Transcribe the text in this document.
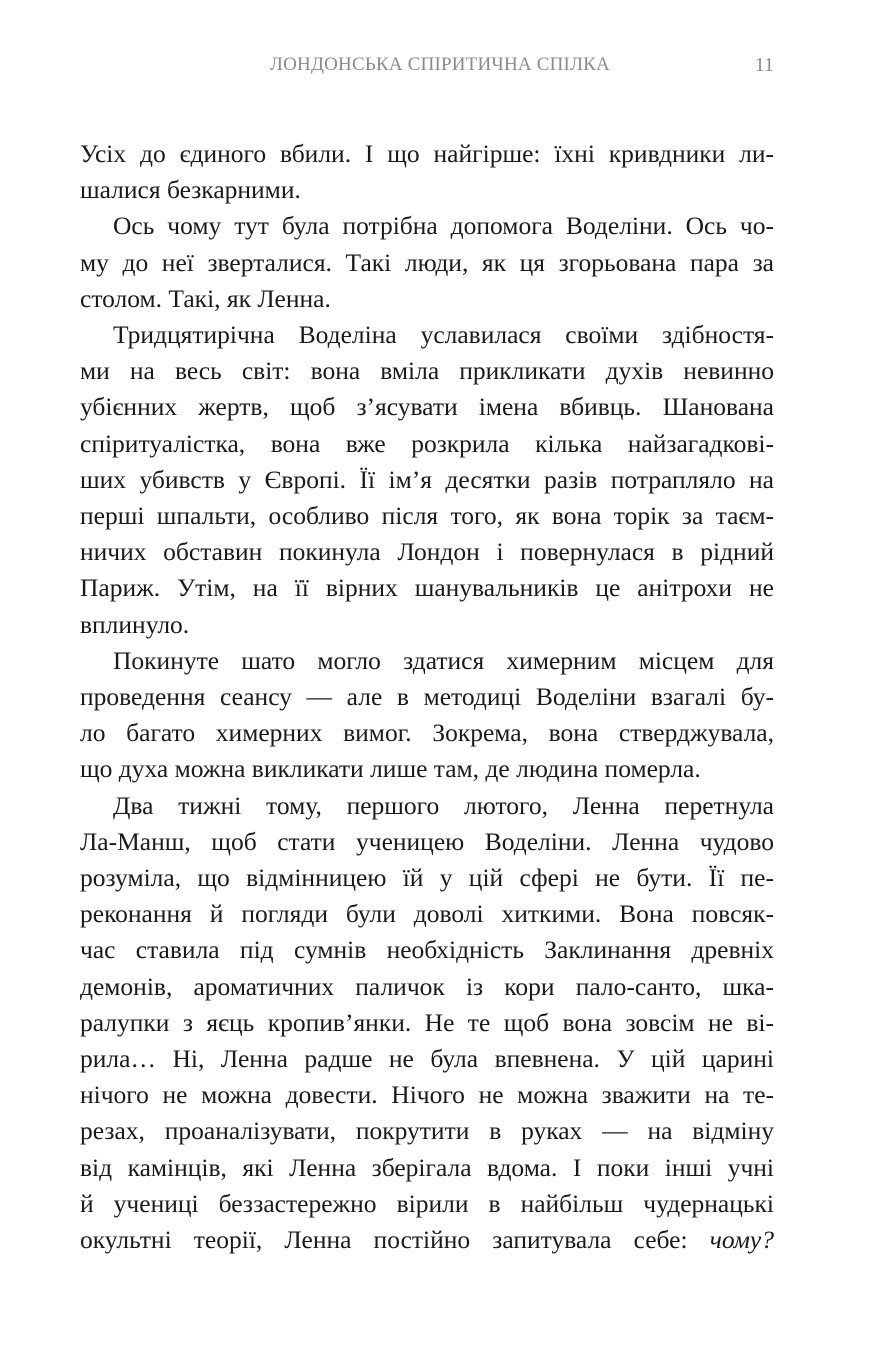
ЛОНДОНСЬКА СПІРИТИЧНА СПІЛКА	11

Усіх до єдиного вбили. І що найгірше: їхні кривдники ли-
шалися безкарними.

Ось чому тут була потрібна допомога Воделіни. Ось чо-
му до неї зверталися. Такі люди, як ця згорьована пара за
столом. Такі, як Ленна.

Тридцятирічна Воделіна уславилася своїми здібностя-
ми на весь світ: вона вміла прикликати духів невинно
убієнних жертв, щоб з’ясувати імена вбивць. Шанована
спіритуалістка, вона вже розкрила кілька найзагадкові-
ших убивств у Європі. Її ім’я десятки разів потрапляло на
перші шпальти, особливо після того, як вона торік за таєм-
ничих обставин покинула Лондон і повернулася в рідний
Париж. Утім, на її вірних шанувальників це анітрохи не
вплинуло.

Покинуте шато могло здатися химерним місцем для
проведення сеансу — але в методиці Воделіни взагалі бу-
ло багато химерних вимог. Зокрема, вона стверджувала,
що духа можна викликати лише там, де людина померла.

Два тижні тому, першого лютого, Ленна перетнула
Ла-Манш, щоб стати ученицею Воделіни. Ленна чудово
розуміла, що відмінницею їй у цій сфері не бути. Її пе-
реконання й погляди були доволі хиткими. Вона повсяк-
час ставила під сумнів необхідність Заклинання древніх
демонів, ароматичних паличок із кори пало-санто, шка-
ралупки з яєць кропив’янки. Не те щоб вона зовсім не ві-
рила… Ні, Ленна радше не була впевнена. У цій царині
нічого не можна довести. Нічого не можна зважити на те-
резах, проаналізувати, покрутити в руках — на відміну
від камінців, які Ленна зберігала вдома. І поки інші учні
й учениці беззастережно вірили в найбільш чудернацькі
окультні теорії, Ленна постійно запитувала себе: чому?
